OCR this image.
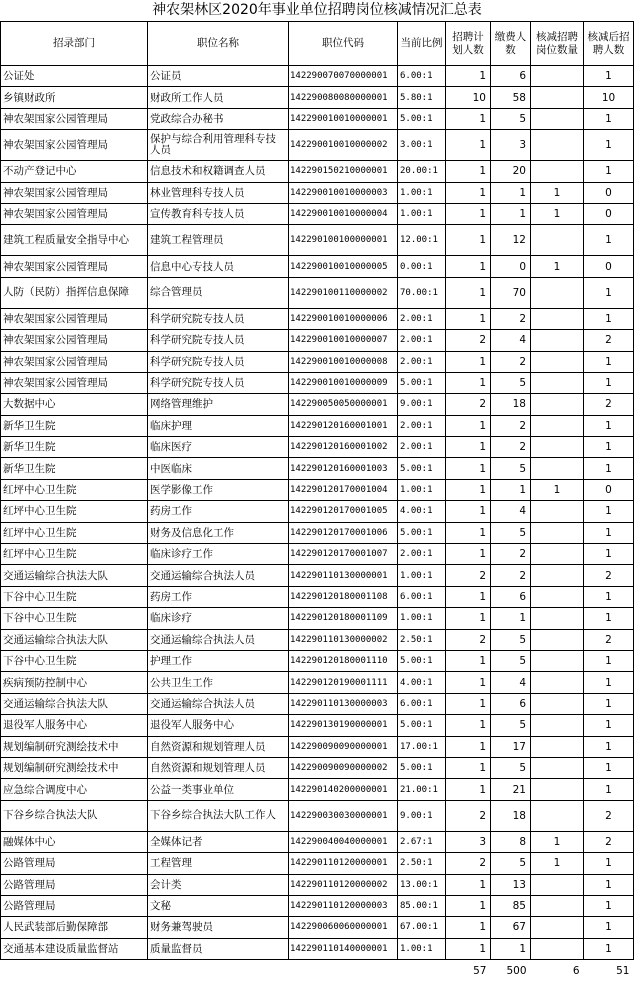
神农架林区2020年事业单位招聘岗位核减情况汇总表
招录部门	职位名称	职位代码	当前比例	招聘计划人数	缴费人数	核减招聘岗位数量	核减后招聘人数
公证处	公证员	142290070070000001	6.00:1	1	6		1
乡镇财政所	财政所工作人员	142290080080000001	5.80:1	10	58		10
神农架国家公园管理局	党政综合办秘书	142290010010000001	5.00:1	1	5		1
神农架国家公园管理局	保护与综合利用管理科专技人员	142290010010000002	3.00:1	1	3		1
不动产登记中心	信息技术和权籍调查人员	142290150210000001	20.00:1	1	20		1
神农架国家公园管理局	林业管理科专技人员	142290010010000003	1.00:1	1	1	1	0
神农架国家公园管理局	宣传教育科专技人员	142290010010000004	1.00:1	1	1	1	0
建筑工程质量安全指导中心	建筑工程管理员	142290100100000001	12.00:1	1	12		1
神农架国家公园管理局	信息中心专技人员	142290010010000005	0.00:1	1	0	1	0
人防（民防）指挥信息保障	综合管理员	142290100110000002	70.00:1	1	70		1
神农架国家公园管理局	科学研究院专技人员	142290010010000006	2.00:1	1	2		1
神农架国家公园管理局	科学研究院专技人员	142290010010000007	2.00:1	2	4		2
神农架国家公园管理局	科学研究院专技人员	142290010010000008	2.00:1	1	2		1
神农架国家公园管理局	科学研究院专技人员	142290010010000009	5.00:1	1	5		1
大数据中心	网络管理维护	142290050050000001	9.00:1	2	18		2
新华卫生院	临床护理	142290120160001001	2.00:1	1	2		1
新华卫生院	临床医疗	142290120160001002	2.00:1	1	2		1
新华卫生院	中医临床	142290120160001003	5.00:1	1	5		1
红坪中心卫生院	医学影像工作	142290120170001004	1.00:1	1	1	1	0
红坪中心卫生院	药房工作	142290120170001005	4.00:1	1	4		1
红坪中心卫生院	财务及信息化工作	142290120170001006	5.00:1	1	5		1
红坪中心卫生院	临床诊疗工作	142290120170001007	2.00:1	1	2		1
交通运输综合执法大队	交通运输综合执法人员	142290110130000001	1.00:1	2	2		2
下谷中心卫生院	药房工作	142290120180001108	6.00:1	1	6		1
下谷中心卫生院	临床诊疗	142290120180001109	1.00:1	1	1		1
交通运输综合执法大队	交通运输综合执法人员	142290110130000002	2.50:1	2	5		2
下谷中心卫生院	护理工作	142290120180001110	5.00:1	1	5		1
疾病预防控制中心	公共卫生工作	142290120190001111	4.00:1	1	4		1
交通运输综合执法大队	交通运输综合执法人员	142290110130000003	6.00:1	1	6		1
退役军人服务中心	退役军人服务中心	142290130190000001	5.00:1	1	5		1
规划编制研究测绘技术中	自然资源和规划管理人员	142290090090000001	17.00:1	1	17		1
规划编制研究测绘技术中	自然资源和规划管理人员	142290090090000002	5.00:1	1	5		1
应急综合调度中心	公益一类事业单位	142290140200000001	21.00:1	1	21		1
下谷乡综合执法大队	下谷乡综合执法大队工作人	142290030030000001	9.00:1	2	18		2
融媒体中心	全媒体记者	142290040040000001	2.67:1	3	8	1	2
公路管理局	工程管理	142290110120000001	2.50:1	2	5	1	1
公路管理局	会计类	142290110120000002	13.00:1	1	13		1
公路管理局	文秘	142290110120000003	85.00:1	1	85		1
人民武装部后勤保障部	财务兼驾驶员	142290060060000001	67.00:1	1	67		1
交通基本建设质量监督站	质量监督员	142290110140000001	1.00:1	1	1		1
				57	500	6	51
